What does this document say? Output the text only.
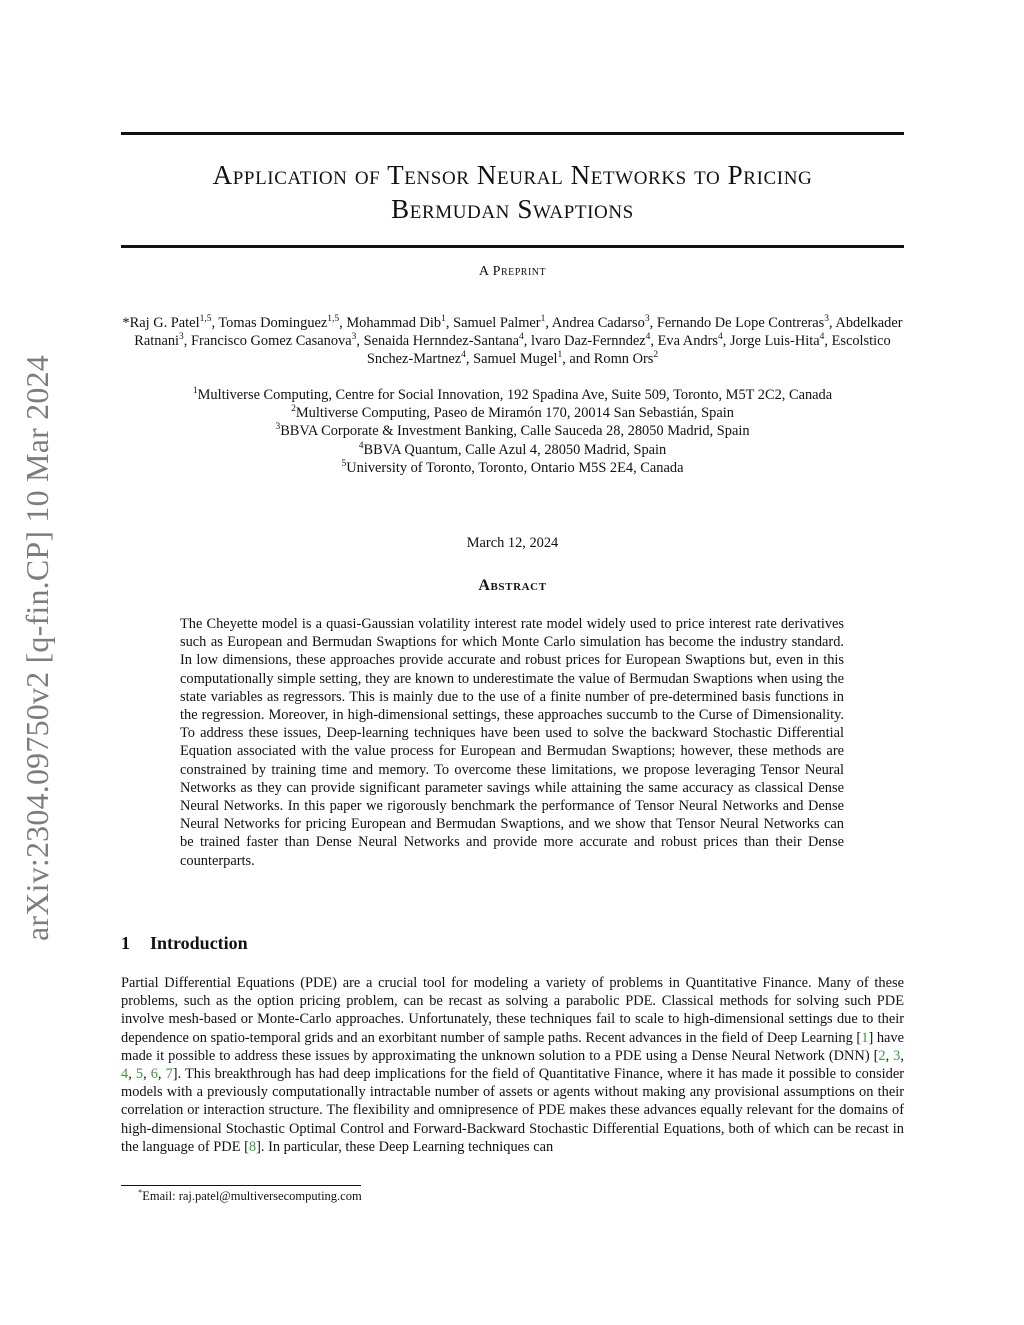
arXiv:2304.09750v2 [q-fin.CP] 10 Mar 2024
Application of Tensor Neural Networks to Pricing
Bermudan Swaptions
A Preprint
*Raj G. Patel$^{1,5}$, Tomas Dominguez$^{1,5}$, Mohammad Dib$^1$, Samuel Palmer$^1$, Andrea Cadarso$^3$, Fernando De Lope Contreras$^3$, Abdelkader Ratnani$^3$, Francisco Gomez Casanova$^3$, Senaida Hernndez-Santana$^4$, lvaro Daz-Fernndez$^4$, Eva Andrs$^4$, Jorge Luis-Hita$^4$, Escolstico Snchez-Martnez$^4$, Samuel Mugel$^1$, and Romn Ors$^2$
$^1$Multiverse Computing, Centre for Social Innovation, 192 Spadina Ave, Suite 509, Toronto, M5T 2C2, Canada
$^2$Multiverse Computing, Paseo de Miramón 170, 20014 San Sebastián, Spain
$^3$BBVA Corporate & Investment Banking, Calle Sauceda 28, 28050 Madrid, Spain
$^4$BBVA Quantum, Calle Azul 4, 28050 Madrid, Spain
$^5$University of Toronto, Toronto, Ontario M5S 2E4, Canada
March 12, 2024
Abstract
The Cheyette model is a quasi-Gaussian volatility interest rate model widely used to price interest rate derivatives such as European and Bermudan Swaptions for which Monte Carlo simulation has become the industry standard. In low dimensions, these approaches provide accurate and robust prices for European Swaptions but, even in this computationally simple setting, they are known to underestimate the value of Bermudan Swaptions when using the state variables as regressors. This is mainly due to the use of a finite number of pre-determined basis functions in the regression. Moreover, in high-dimensional settings, these approaches succumb to the Curse of Dimensionality. To address these issues, Deep-learning techniques have been used to solve the backward Stochastic Differential Equation associated with the value process for European and Bermudan Swaptions; however, these methods are constrained by training time and memory. To overcome these limitations, we propose leveraging Tensor Neural Networks as they can provide significant parameter savings while attaining the same accuracy as classical Dense Neural Networks. In this paper we rigorously benchmark the performance of Tensor Neural Networks and Dense Neural Networks for pricing European and Bermudan Swaptions, and we show that Tensor Neural Networks can be trained faster than Dense Neural Networks and provide more accurate and robust prices than their Dense counterparts.
1 Introduction
Partial Differential Equations (PDE) are a crucial tool for modeling a variety of problems in Quantitative Finance. Many of these problems, such as the option pricing problem, can be recast as solving a parabolic PDE. Classical methods for solving such PDE involve mesh-based or Monte-Carlo approaches. Unfortunately, these techniques fail to scale to high-dimensional settings due to their dependence on spatio-temporal grids and an exorbitant number of sample paths. Recent advances in the field of Deep Learning [1] have made it possible to address these issues by approximating the unknown solution to a PDE using a Dense Neural Network (DNN) [2, 3, 4, 5, 6, 7]. This breakthrough has had deep implications for the field of Quantitative Finance, where it has made it possible to consider models with a previously computationally intractable number of assets or agents without making any provisional assumptions on their correlation or interaction structure. The flexibility and omnipresence of PDE makes these advances equally relevant for the domains of high-dimensional Stochastic Optimal Control and Forward-Backward Stochastic Differential Equations, both of which can be recast in the language of PDE [8]. In particular, these Deep Learning techniques can
*Email: raj.patel@multiversecomputing.com
